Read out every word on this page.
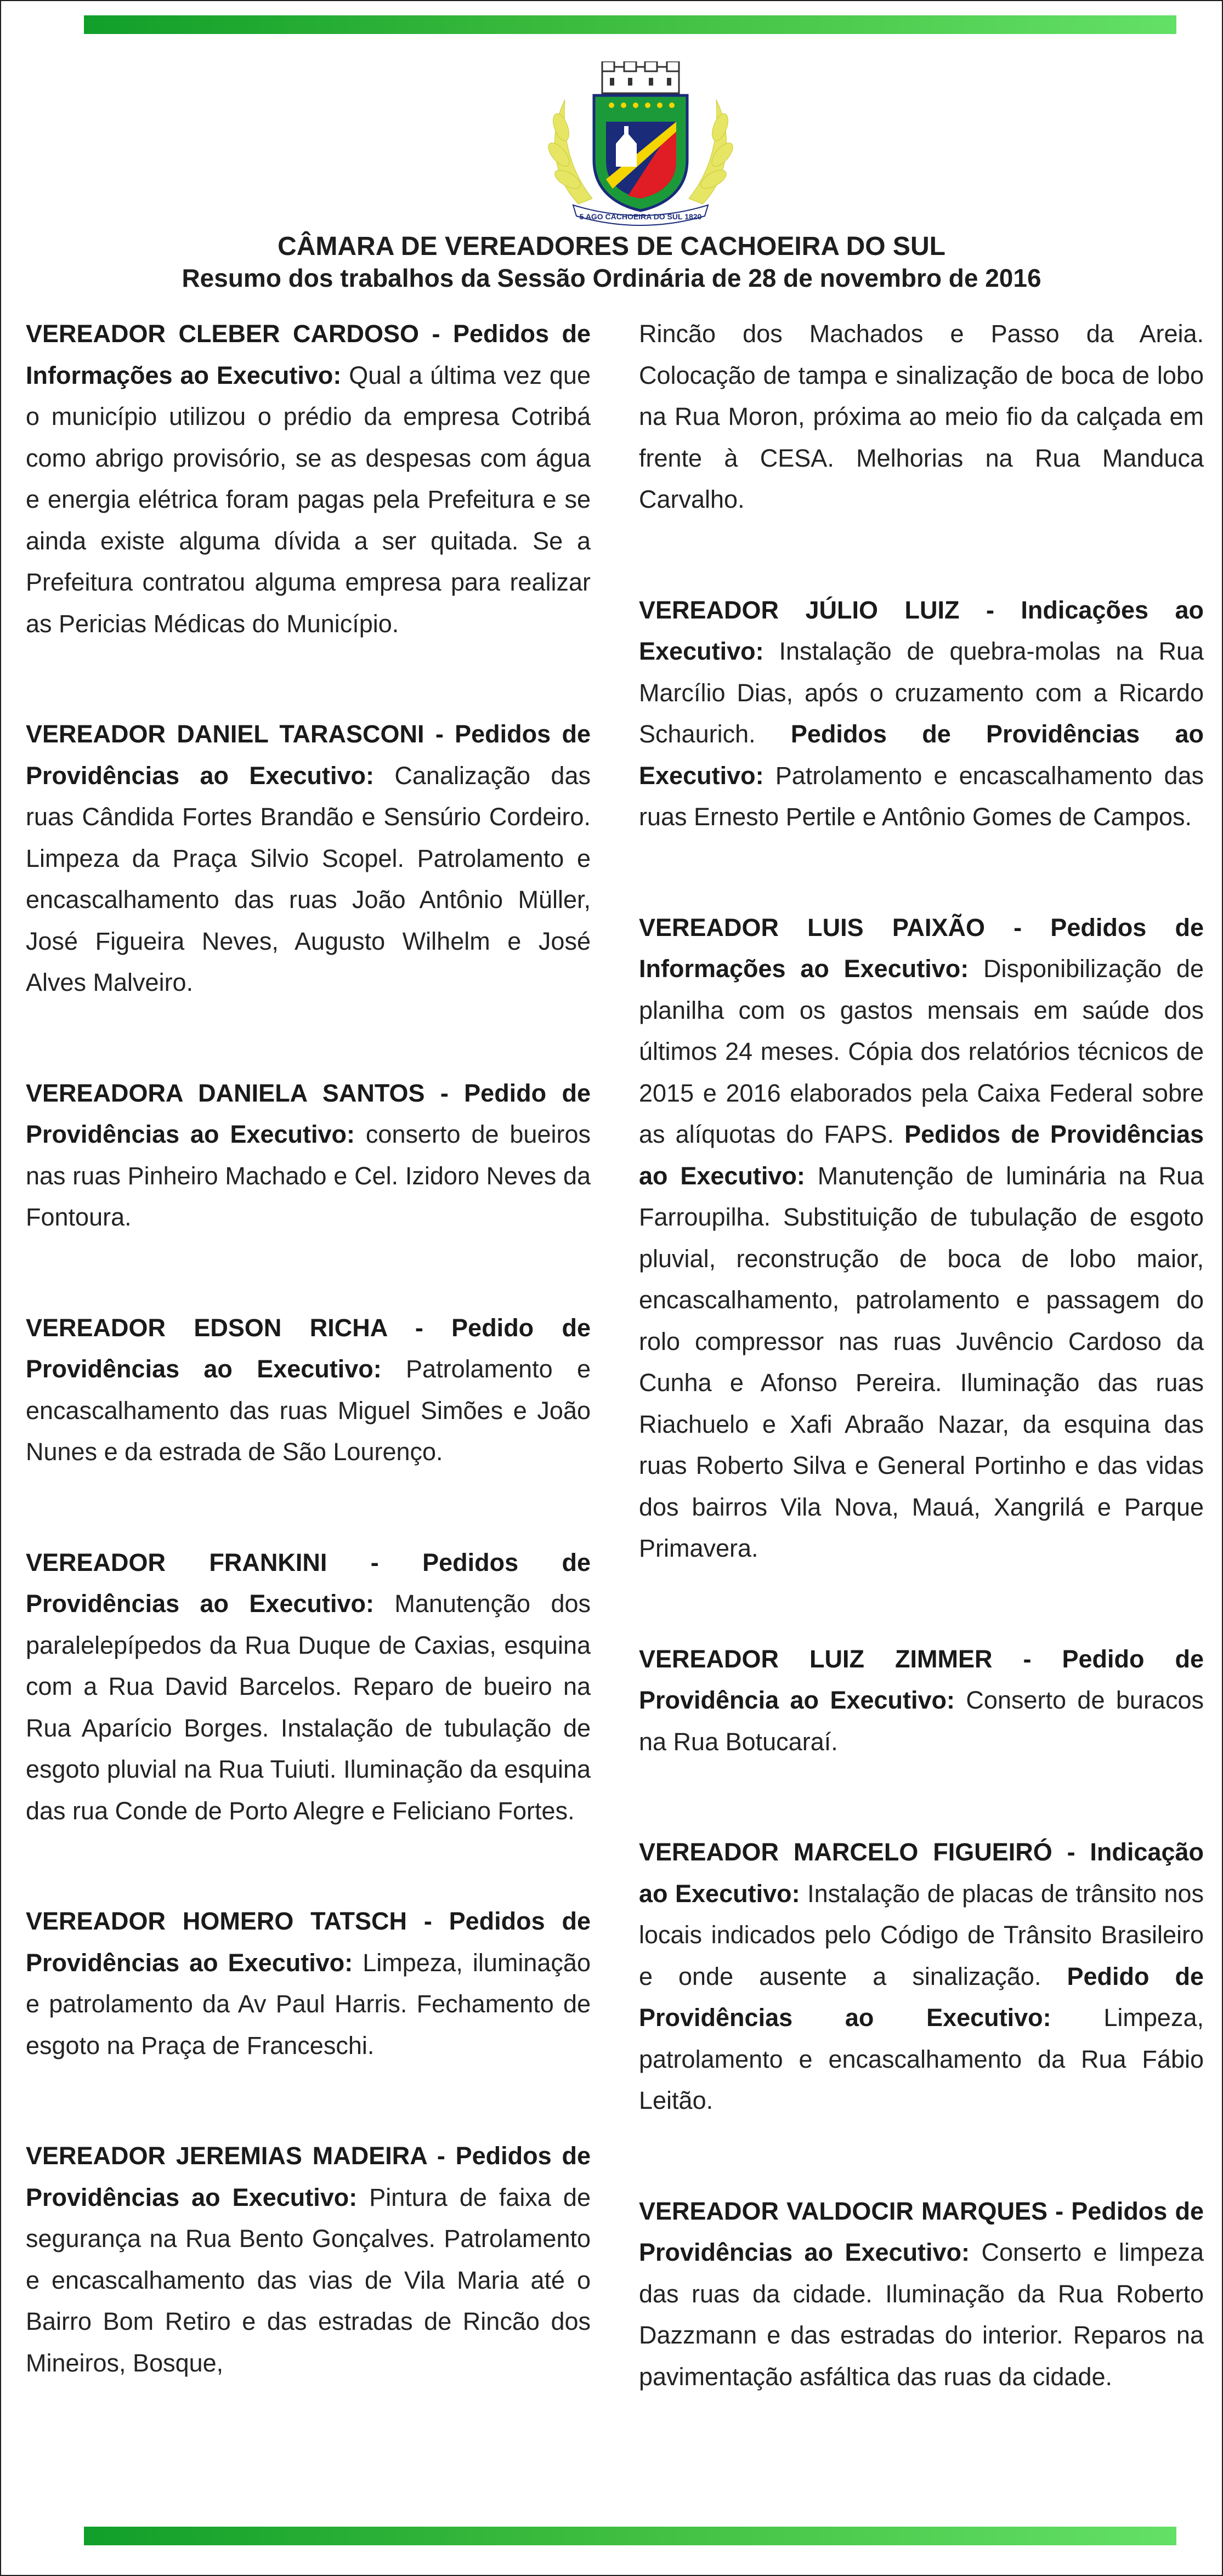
5 AGO CACHOEIRA DO SUL 1820
CÂMARA DE VEREADORES DE CACHOEIRA DO SUL
Resumo dos trabalhos da Sessão Ordinária de 28 de novembro de 2016

VEREADOR CLEBER CARDOSO - Pedidos de Informações ao Executivo: Qual a última vez que o município utilizou o prédio da empresa Cotribá como abrigo provisório, se as despesas com água e energia elétrica foram pagas pela Prefeitura e se ainda existe alguma dívida a ser quitada. Se a Prefeitura contratou alguma empresa para realizar as Pericias Médicas do Município.

VEREADOR DANIEL TARASCONI - Pedidos de Providências ao Executivo: Canalização das ruas Cândida Fortes Brandão e Sensúrio Cordeiro. Limpeza da Praça Silvio Scopel. Patrolamento e encascalhamento das ruas João Antônio Müller, José Figueira Neves, Augusto Wilhelm e José Alves Malveiro.

VEREADORA DANIELA SANTOS - Pedido de Providências ao Executivo: conserto de bueiros nas ruas Pinheiro Machado e Cel. Izidoro Neves da Fontoura.

VEREADOR EDSON RICHA - Pedido de Providências ao Executivo: Patrolamento e encascalhamento das ruas Miguel Simões e João Nunes e da estrada de São Lourenço.

VEREADOR FRANKINI - Pedidos de Providências ao Executivo: Manutenção dos paralelepípedos da Rua Duque de Caxias, esquina com a Rua David Barcelos. Reparo de bueiro na Rua Aparício Borges. Instalação de tubulação de esgoto pluvial na Rua Tuiuti. Iluminação da esquina das rua Conde de Porto Alegre e Feliciano Fortes.

VEREADOR HOMERO TATSCH - Pedidos de Providências ao Executivo: Limpeza, iluminação e patrolamento da Av Paul Harris. Fechamento de esgoto na Praça de Franceschi.

VEREADOR JEREMIAS MADEIRA - Pedidos de Providências ao Executivo: Pintura de faixa de segurança na Rua Bento Gonçalves. Patrolamento e encascalhamento das vias de Vila Maria até o Bairro Bom Retiro e das estradas de Rincão dos Mineiros, Bosque,

Rincão dos Machados e Passo da Areia. Colocação de tampa e sinalização de boca de lobo na Rua Moron, próxima ao meio fio da calçada em frente à CESA. Melhorias na Rua Manduca Carvalho.

VEREADOR JÚLIO LUIZ - Indicações ao Executivo: Instalação de quebra-molas na Rua Marcílio Dias, após o cruzamento com a Ricardo Schaurich. Pedidos de Providências ao Executivo: Patrolamento e encascalhamento das ruas Ernesto Pertile e Antônio Gomes de Campos.

VEREADOR LUIS PAIXÃO - Pedidos de Informações ao Executivo: Disponibilização de planilha com os gastos mensais em saúde dos últimos 24 meses. Cópia dos relatórios técnicos de 2015 e 2016 elaborados pela Caixa Federal sobre as alíquotas do FAPS. Pedidos de Providências ao Executivo: Manutenção de luminária na Rua Farroupilha. Substituição de tubulação de esgoto pluvial, reconstrução de boca de lobo maior, encascalhamento, patrolamento e passagem do rolo compressor nas ruas Juvêncio Cardoso da Cunha e Afonso Pereira. Iluminação das ruas Riachuelo e Xafi Abraão Nazar, da esquina das ruas Roberto Silva e General Portinho e das vidas dos bairros Vila Nova, Mauá, Xangrilá e Parque Primavera.

VEREADOR LUIZ ZIMMER - Pedido de Providência ao Executivo: Conserto de buracos na Rua Botucaraí.

VEREADOR MARCELO FIGUEIRÓ - Indicação ao Executivo: Instalação de placas de trânsito nos locais indicados pelo Código de Trânsito Brasileiro e onde ausente a sinalização. Pedido de Providências ao Executivo: Limpeza, patrolamento e encascalhamento da Rua Fábio Leitão.

VEREADOR VALDOCIR MARQUES - Pedidos de Providências ao Executivo: Conserto e limpeza das ruas da cidade. Iluminação da Rua Roberto Dazzmann e das estradas do interior. Reparos na pavimentação asfáltica das ruas da cidade.
